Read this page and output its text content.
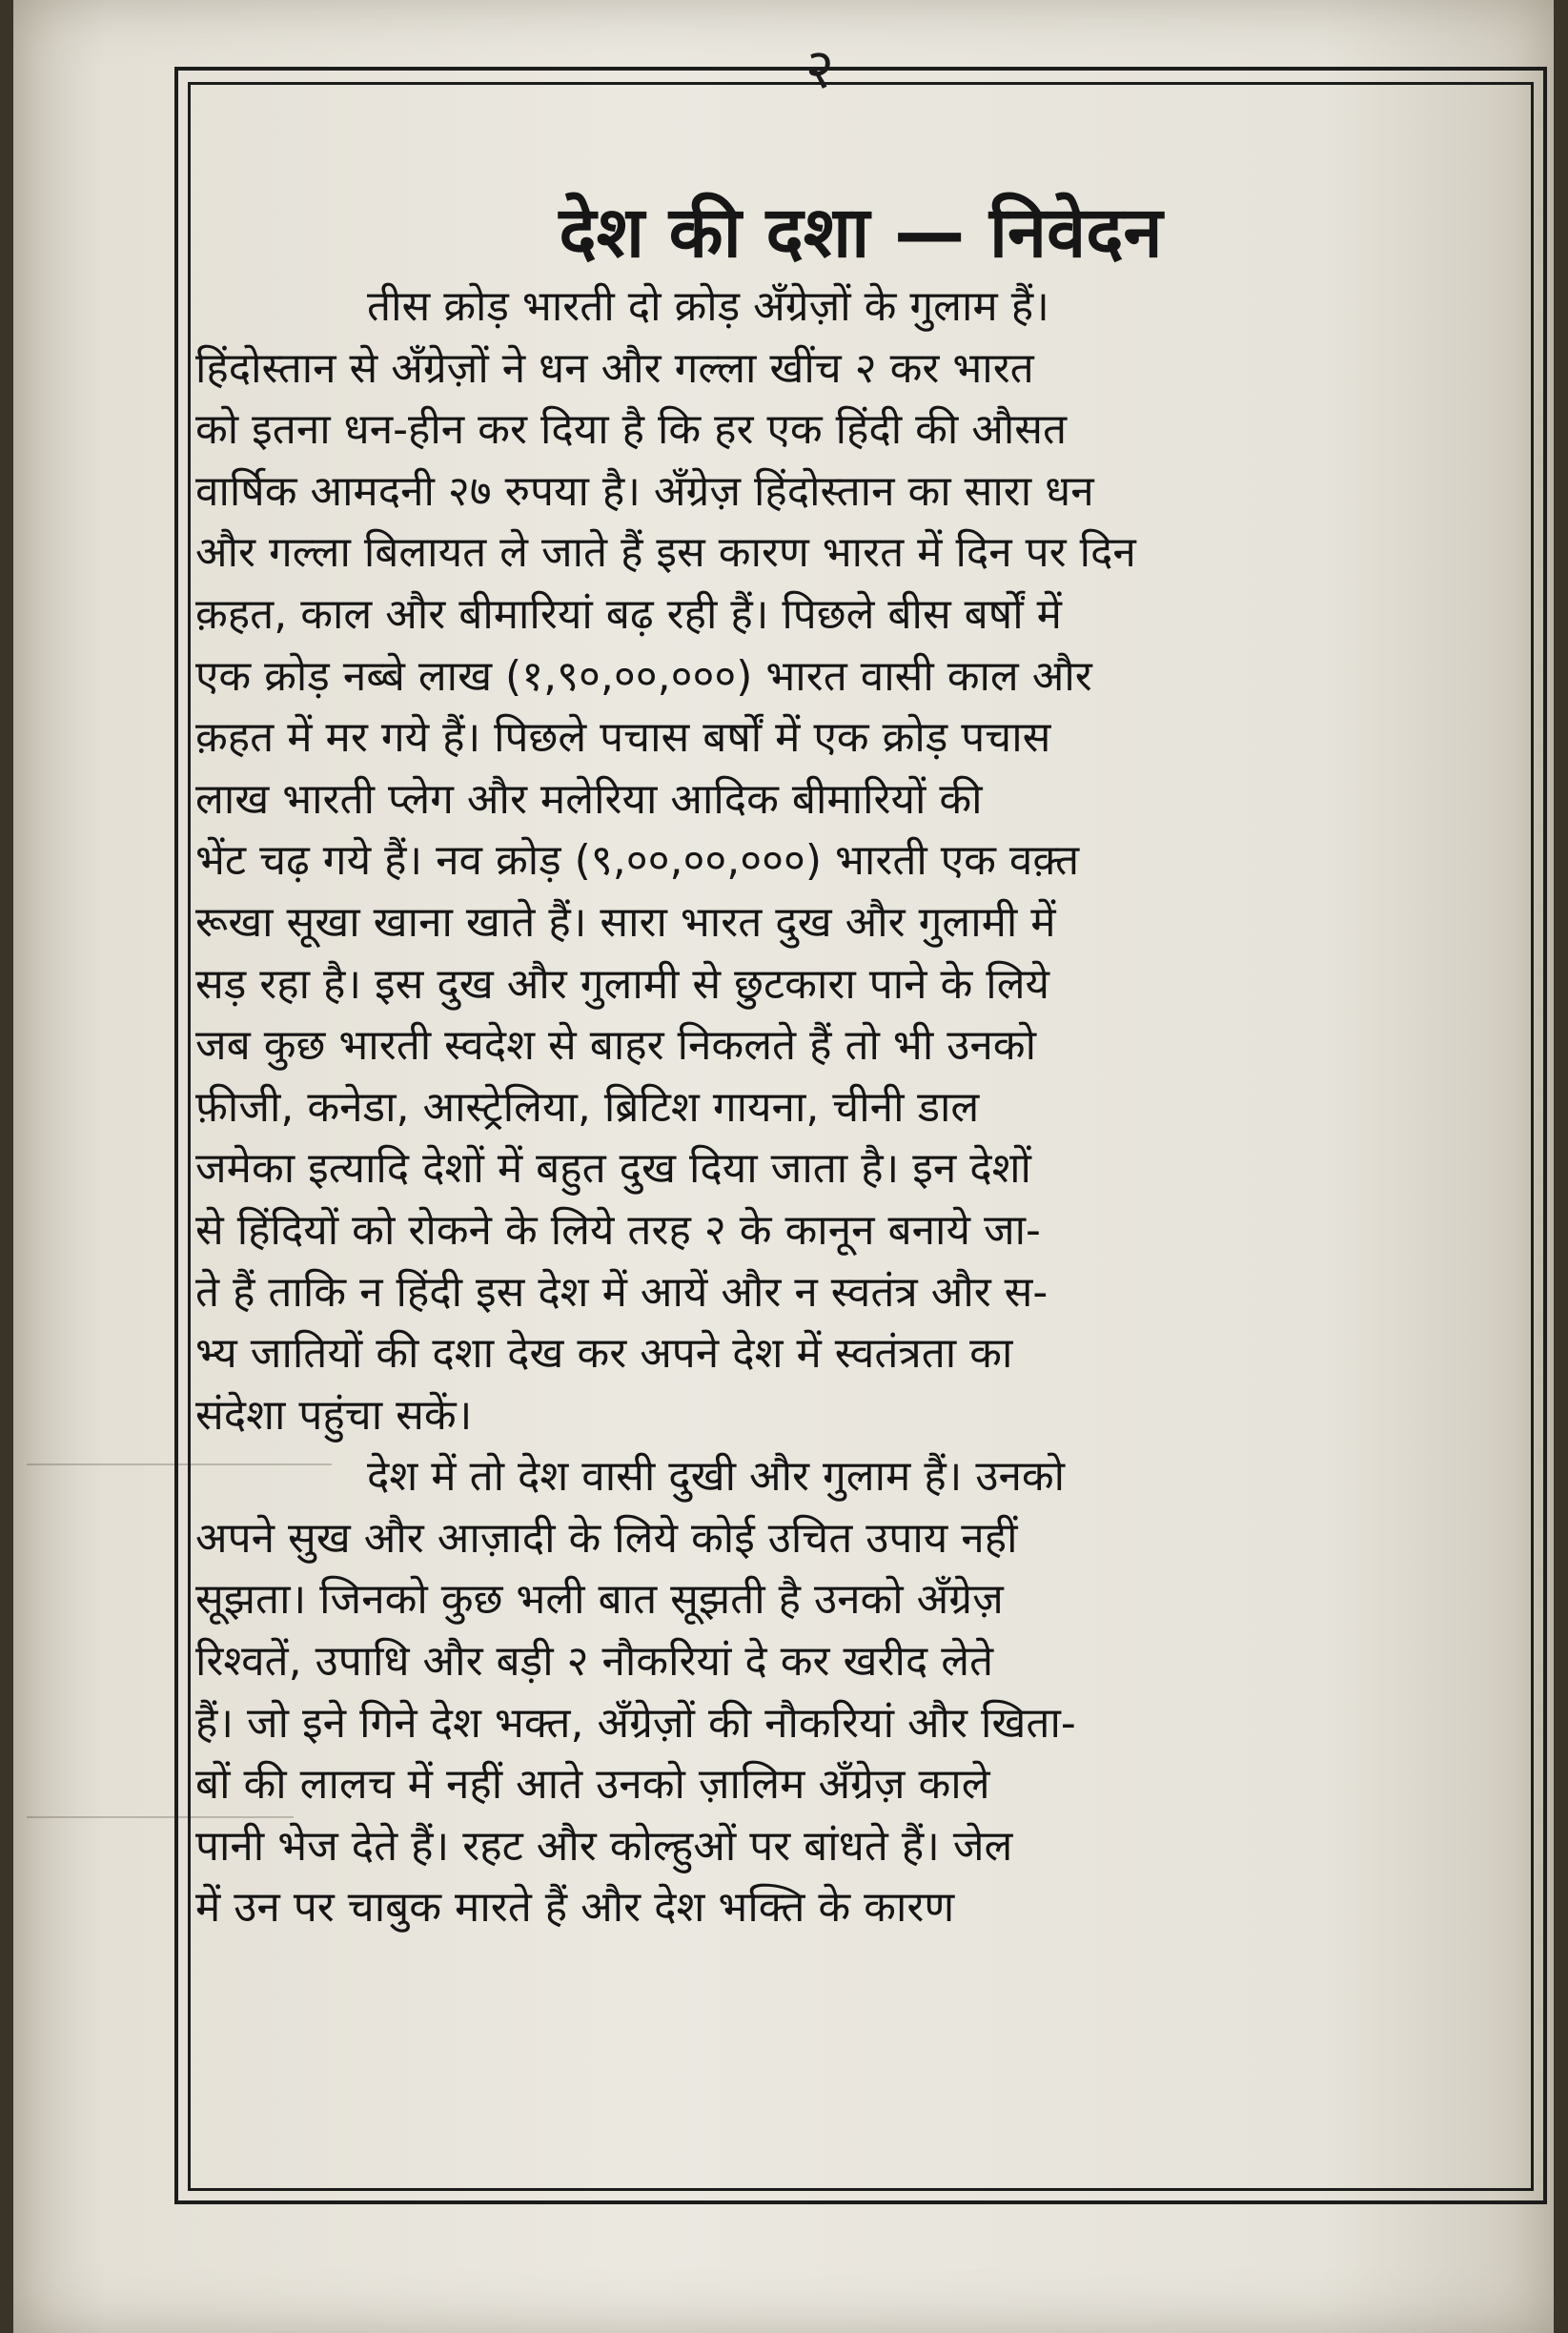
२
देश की दशा — निवेदन
तीस क्रोड़ भारती दो क्रोड़ अँग्रेज़ों के गुलाम हैं।
हिंदोस्तान से अँग्रेज़ों ने धन और गल्ला खींच २ कर भारत
को इतना धन-हीन कर दिया है कि हर एक हिंदी की औसत
वार्षिक आमदनी २७ रुपया है। अँग्रेज़ हिंदोस्तान का सारा धन
और गल्ला बिलायत ले जाते हैं इस कारण भारत में दिन पर दिन
क़हत, काल और बीमारियां बढ़ रही हैं। पिछले बीस बर्षों में
एक क्रोड़ नब्बे लाख (१,९०,००,०००) भारत वासी काल और
क़हत में मर गये हैं। पिछले पचास बर्षों में एक क्रोड़ पचास
लाख भारती प्लेग और मलेरिया आदिक बीमारियों की
भेंट चढ़ गये हैं। नव क्रोड़ (९,००,००,०००) भारती एक वक़्त
रूखा सूखा खाना खाते हैं। सारा भारत दुख और गुलामी में
सड़ रहा है। इस दुख और गुलामी से छुटकारा पाने के लिये
जब कुछ भारती स्वदेश से बाहर निकलते हैं तो भी उनको
फ़ीजी, कनेडा, आस्ट्रेलिया, ब्रिटिश गायना, चीनी डाल
जमेका इत्यादि देशों में बहुत दुख दिया जाता है। इन देशों
से हिंदियों को रोकने के लिये तरह २ के कानून बनाये जा-
ते हैं ताकि न हिंदी इस देश में आयें और न स्वतंत्र और स-
भ्य जातियों की दशा देख कर अपने देश में स्वतंत्रता का
संदेशा पहुंचा सकें।
देश में तो देश वासी दुखी और गुलाम हैं। उनको
अपने सुख और आज़ादी के लिये कोई उचित उपाय नहीं
सूझता। जिनको कुछ भली बात सूझती है उनको अँग्रेज़
रिश्वतें, उपाधि और बड़ी २ नौकरियां दे कर खरीद लेते
हैं। जो इने गिने देश भक्त, अँग्रेज़ों की नौकरियां और खिता-
बों की लालच में नहीं आते उनको ज़ालिम अँग्रेज़ काले
पानी भेज देते हैं। रहट और कोल्हुओं पर बांधते हैं। जेल
में उन पर चाबुक मारते हैं और देश भक्ति के कारण
